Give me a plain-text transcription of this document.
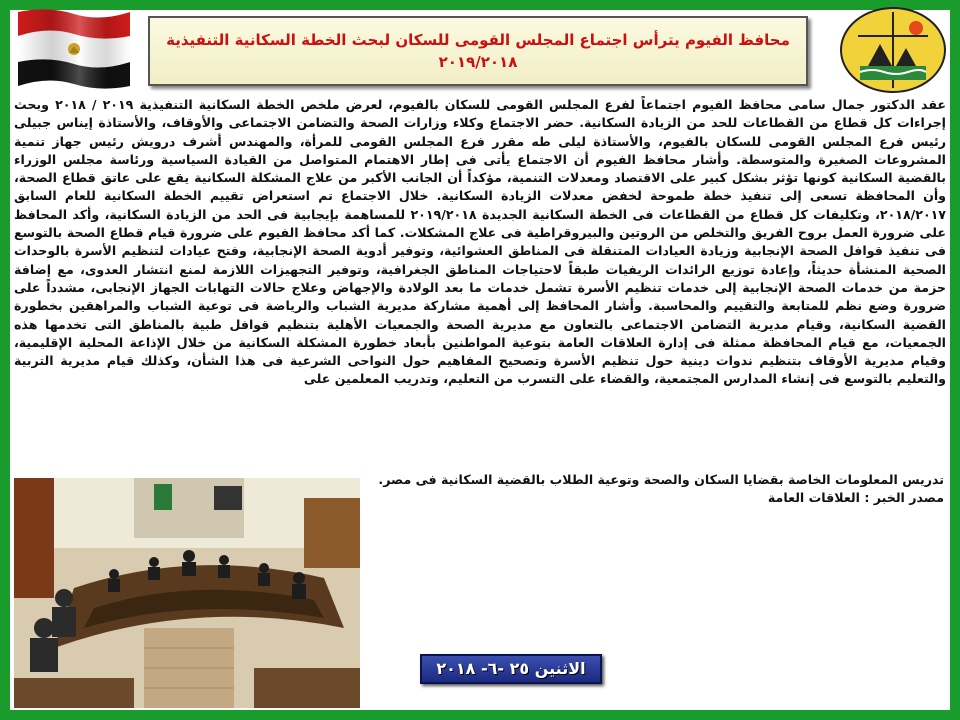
محافظ الفيوم يترأس اجتماع المجلس القومى للسكان لبحث الخطة السكانية التنفيذية
٢٠١٩/٢٠١٨
عقد الدكتور جمال سامى محافظ الفيوم اجتماعاً لفرع المجلس القومى للسكان بالفيوم، لعرض ملخص الخطة السكانية التنفيذية ٢٠١٩ / ٢٠١٨ وبحث إجراءات كل قطاع من القطاعات للحد من الزيادة السكانية. حضر الاجتماع وكلاء وزارات الصحة والتضامن الاجتماعى والأوقاف، والأستاذة إيناس جبيلى رئيس فرع المجلس القومى للسكان بالفيوم، والأستاذة ليلى طه مقرر فرع المجلس القومى للمرأة، والمهندس أشرف درويش رئيس جهاز تنمية المشروعات الصغيرة والمتوسطة. وأشار محافظ الفيوم أن الاجتماع يأتى فى إطار الاهتمام المتواصل من القيادة السياسية ورئاسة مجلس الوزراء بالقضية السكانية كونها تؤثر بشكل كبير على الاقتصاد ومعدلات التنمية، مؤكداً أن الجانب الأكبر من علاج المشكلة السكانية يقع على عاتق قطاع الصحة، وأن المحافظة تسعى إلى تنفيذ خطة طموحة لخفض معدلات الزيادة السكانية. خلال الاجتماع تم استعراض تقييم الخطة السكانية للعام السابق ٢٠١٨/٢٠١٧، وتكليفات كل قطاع من القطاعات فى الخطة السكانية الجديدة ٢٠١٩/٢٠١٨ للمساهمة بإيجابية فى الحد من الزيادة السكانية، وأكد المحافظ على ضرورة العمل بروح الفريق والتخلص من الروتين والبيروقراطية فى علاج المشكلات. كما أكد محافظ الفيوم على ضرورة قيام قطاع الصحة بالتوسع فى تنفيذ قوافل الصحة الإنجابية وزيادة العيادات المتنقلة فى المناطق العشوائية، وتوفير أدوية الصحة الإنجابية، وفتح عيادات لتنظيم الأسرة بالوحدات الصحية المنشأة حديثاً، وإعادة توزيع الرائدات الريفيات طبقاً لاحتياجات المناطق الجغرافية، وتوفير التجهيزات اللازمة لمنع انتشار العدوى، مع إضافة حزمة من خدمات الصحة الإنجابية إلى خدمات تنظيم الأسرة تشمل خدمات ما بعد الولادة والإجهاض وعلاج حالات التهابات الجهاز الإنجابى، مشدداً على ضرورة وضع نظم للمتابعة والتقييم والمحاسبة. وأشار المحافظ إلى أهمية مشاركة مديرية الشباب والرياضة فى توعية الشباب والمراهقين بخطورة القضية السكانية، وقيام مديرية التضامن الاجتماعى بالتعاون مع مديرية الصحة والجمعيات الأهلية بتنظيم قوافل طبية بالمناطق التى تخدمها هذه الجمعيات، مع قيام المحافظة ممثلة فى إدارة العلاقات العامة بتوعية المواطنين بأبعاد خطورة المشكلة السكانية من خلال الإذاعة المحلية الإقليمية، وقيام مديرية الأوقاف بتنظيم ندوات دينية حول تنظيم الأسرة وتصحيح المفاهيم حول النواحى الشرعية فى هذا الشأن، وكذلك قيام مديرية التربية والتعليم بالتوسع فى إنشاء المدارس المجتمعية، والقضاء على التسرب من التعليم، وتدريب المعلمين على
تدريس المعلومات الخاصة بقضايا السكان والصحة وتوعية الطلاب بالقضية السكانية فى مصر.
مصدر الخبر : العلاقات العامة
الاثنين ٢٥ -٦- ٢٠١٨
